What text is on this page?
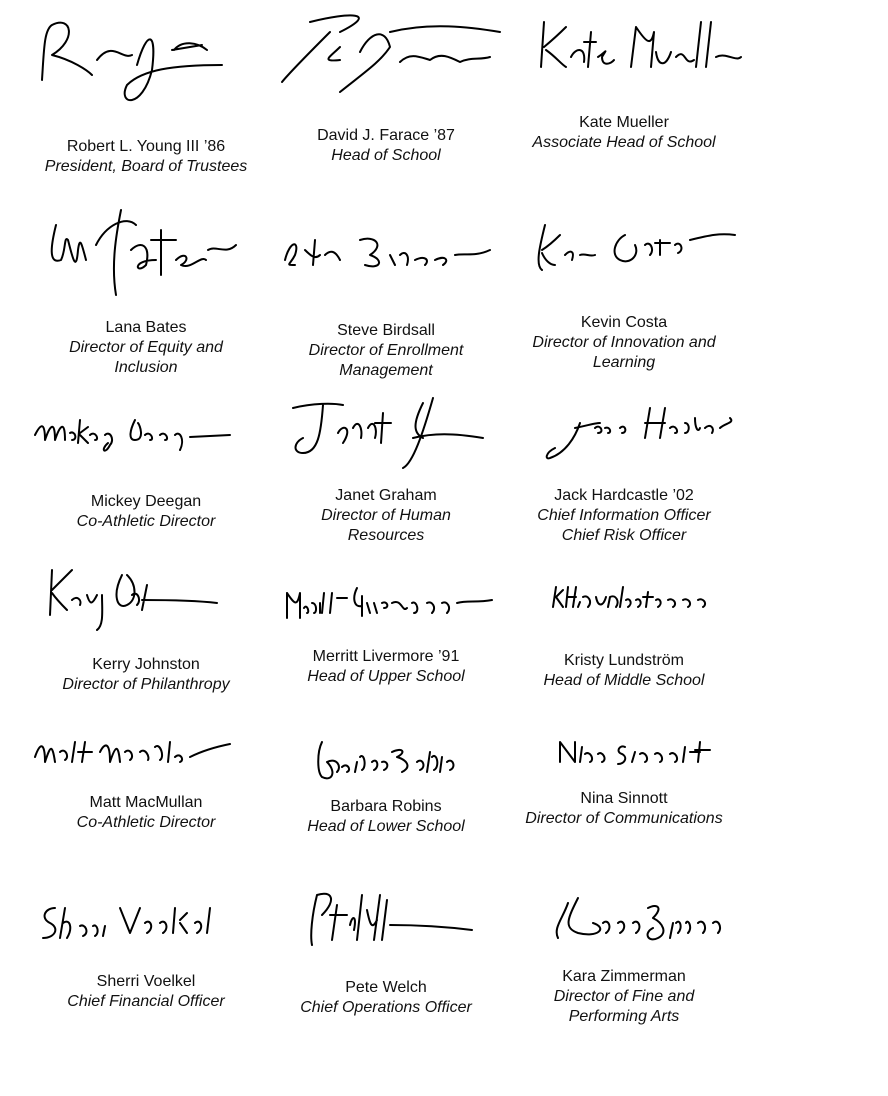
Robert L. Young III ’86
President, Board of Trustees
David J. Farace ’87
Head of School
Kate Mueller
Associate Head of School
Lana Bates
Director of Equity and
Inclusion
Steve Birdsall
Director of Enrollment
Management
Kevin Costa
Director of Innovation and
Learning
Mickey Deegan
Co-Athletic Director
Janet Graham
Director of Human
Resources
Jack Hardcastle ’02
Chief Information Officer
Chief Risk Officer
Kerry Johnston
Director of Philanthropy
Merritt Livermore ’91
Head of Upper School
Kristy Lundström
Head of Middle School
Matt MacMullan
Co-Athletic Director
Barbara Robins
Head of Lower School
Nina Sinnott
Director of Communications
Sherri Voelkel
Chief Financial Officer
Pete Welch
Chief Operations Officer
Kara Zimmerman
Director of Fine and
Performing Arts
